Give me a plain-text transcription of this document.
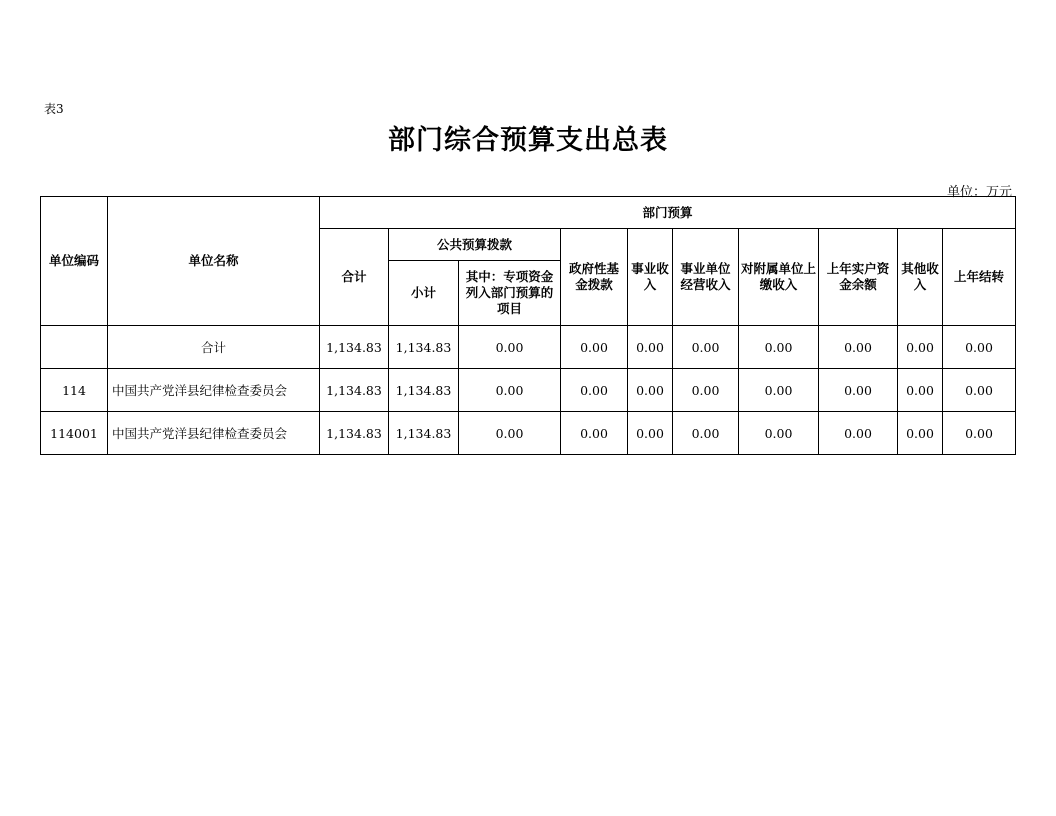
表3
部门综合预算支出总表
单位：万元
单位编码	单位名称	部门预算									
		合计	公共预算拨款		政府性基金拨款	事业收入	事业单位经营收入	对附属单位上缴收入	上年实户资金余额	其他收入	上年结转
			小计	其中：专项资金列入部门预算的项目							
	合计	1,134.83	1,134.83	0.00	0.00	0.00	0.00	0.00	0.00	0.00	0.00
114	中国共产党洋县纪律检查委员会	1,134.83	1,134.83	0.00	0.00	0.00	0.00	0.00	0.00	0.00	0.00
114001	中国共产党洋县纪律检查委员会	1,134.83	1,134.83	0.00	0.00	0.00	0.00	0.00	0.00	0.00	0.00
